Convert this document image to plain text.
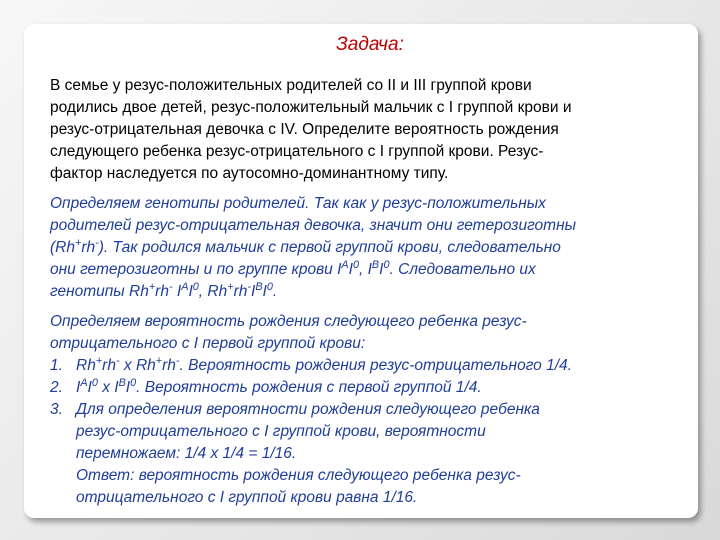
Задача:
В семье у резус-положительных родителей со II и III группой крови
родились двое детей, резус-положительный мальчик с I группой крови и
резус-отрицательная девочка с IV. Определите вероятность рождения
следующего ребенка резус-отрицательного с I группой крови. Резус-
фактор наследуется по аутосомно-доминантному типу.
Определяем генотипы родителей. Так как у резус-положительных
родителей резус-отрицательная девочка, значит они гетерозиготны
(Rh+rh-). Так родился мальчик с первой группой крови, следовательно
они гетерозиготны и по группе крови $I^AI^0$, $I^BI^0$. Следовательно их
генотипы Rh+rh- $I^AI^0$, $Rh^+rh^-I^BI^0$.
Определяем вероятность рождения следующего ребенка резус-
отрицательного с I первой группой крови:
1. Rh+rh- x Rh+rh-. Вероятность рождения резус-отрицательного 1/4.
2. $I^AI^0$ x $I^BI^0$. Вероятность рождения с первой группой 1/4.
3. Для определения вероятности рождения следующего ребенка
резус-отрицательного с I группой крови, вероятности
перемножаем: 1/4 x 1/4 = 1/16.
Ответ: вероятность рождения следующего ребенка резус-
отрицательного с I группой крови равна 1/16.
